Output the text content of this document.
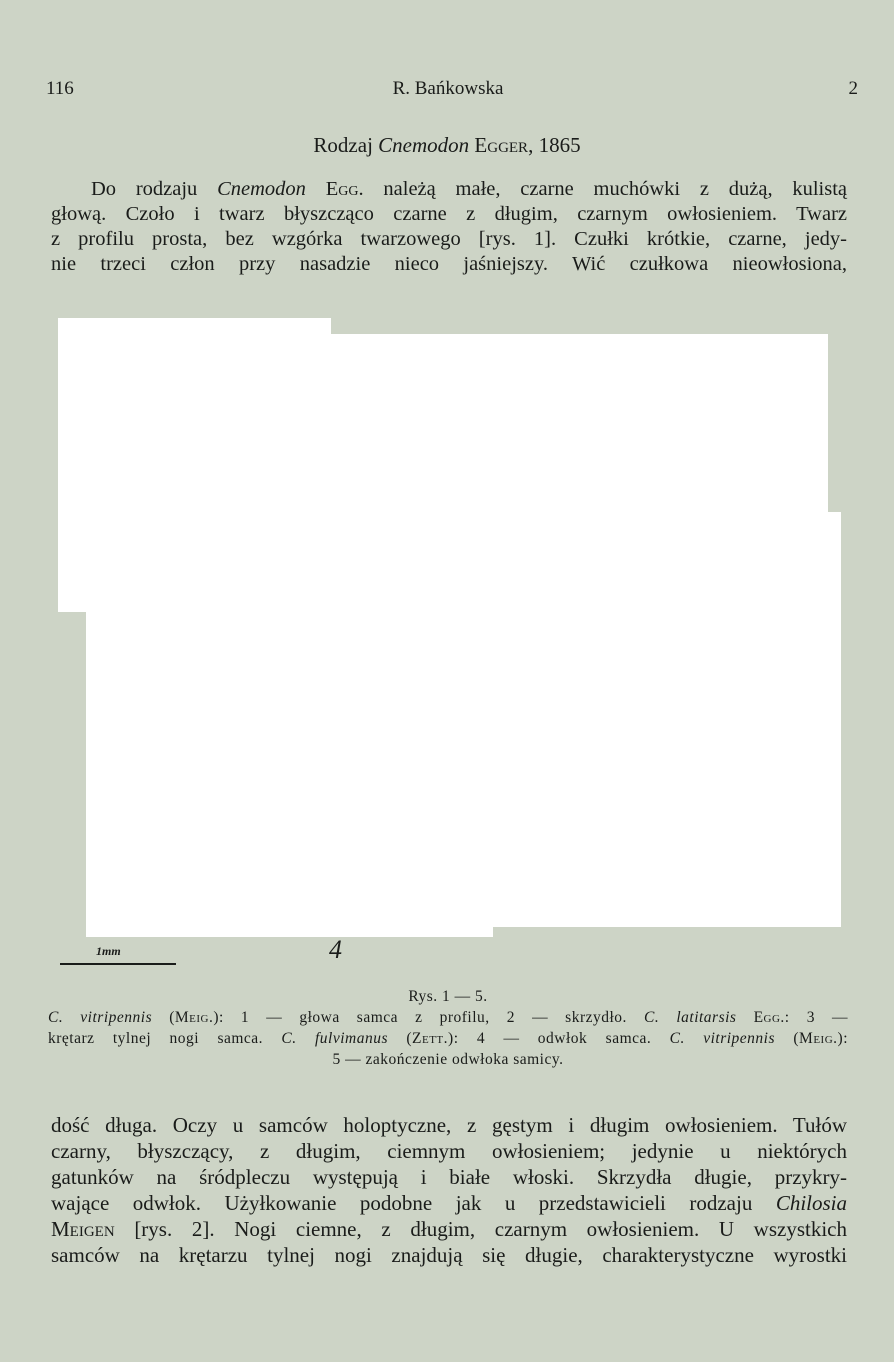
116	R. Bańkowska	2
Rodzaj Cnemodon Egger, 1865

Do rodzaju Cnemodon Egg. należą małe, czarne muchówki z dużą, kulistą

głową. Czoło i twarz błyszcząco czarne z długim, czarnym owłosieniem. Twarz

z profilu prosta, bez wzgórka twarzowego [rys. 1]. Czułki krótkie, czarne, jedy-

nie trzeci człon przy nasadzie nieco jaśniejszy. Wić czułkowa nieowłosiona,

1mm	4
Rys. 1 — 5.
C. vitripennis (Meig.): 1 — głowa samca z profilu, 2 — skrzydło. C. latitarsis Egg.: 3 —
krętarz tylnej nogi samca. C. fulvimanus (Zett.): 4 — odwłok samca. C. vitripennis (Meig.):
5 — zakończenie odwłoka samicy.

dość długa. Oczy u samców holoptyczne, z gęstym i długim owłosieniem. Tułów

czarny, błyszczący, z długim, ciemnym owłosieniem; jedynie u niektórych

gatunków na śródpleczu występują i białe włoski. Skrzydła długie, przykry-

wające odwłok. Użyłkowanie podobne jak u przedstawicieli rodzaju Chilosia

Meigen [rys. 2]. Nogi ciemne, z długim, czarnym owłosieniem. U wszystkich

samców na krętarzu tylnej nogi znajdują się długie, charakterystyczne wyrostki
